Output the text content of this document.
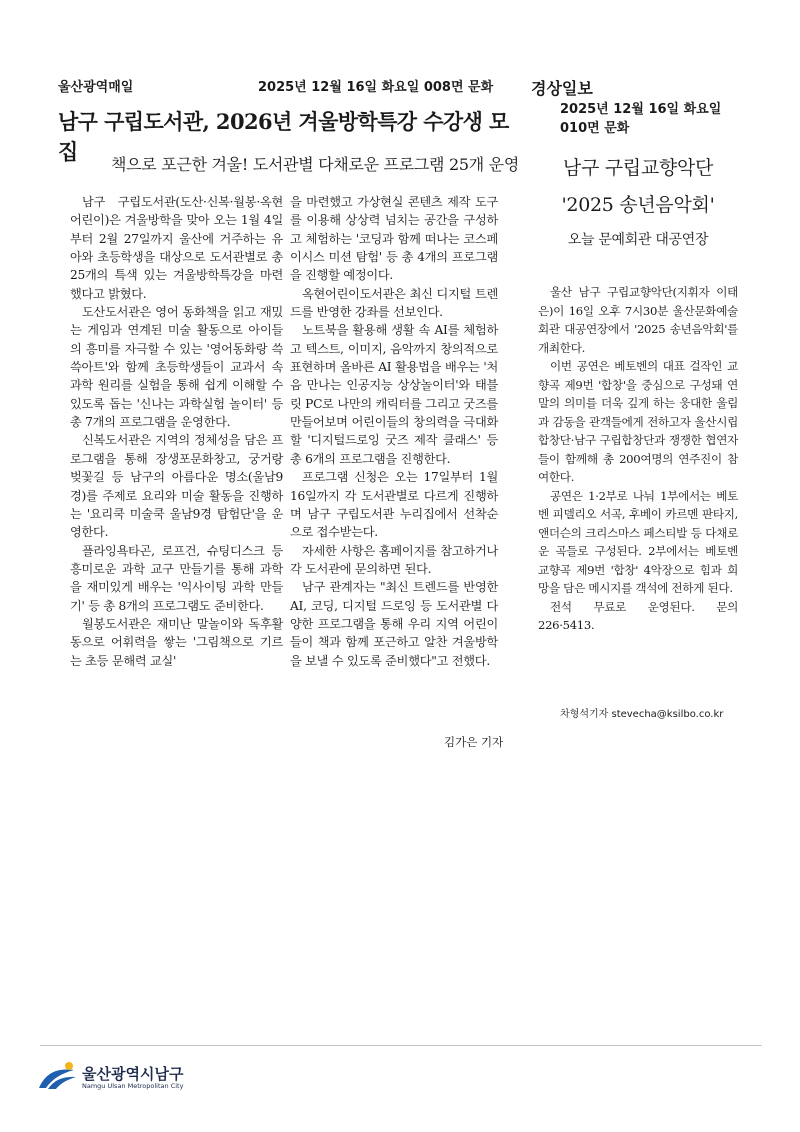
울산광역매일	2025년 12월 16일 화요일 008면 문화
남구 구립도서관, 2026년 겨울방학특강 수강생 모집
책으로 포근한 겨울! 도서관별 다채로운 프로그램 25개 운영

남구 구립도서관(도산·신복·월봉·옥현어린이)은 겨울방학을 맞아 오는 1월 4일부터 2월 27일까지 울산에 거주하는 유아와 초등학생을 대상으로 도서관별로 총 25개의 특색 있는 겨울방학특강을 마련했다고 밝혔다.

도산도서관은 영어 동화책을 읽고 재밌는 게임과 연계된 미술 활동으로 아이들의 흥미를 자극할 수 있는 '영어동화랑 쓱쓱아트'와 함께 초등학생들이 교과서 속 과학 원리를 실험을 통해 쉽게 이해할 수 있도록 돕는 '신나는 과학실험 놀이터' 등 총 7개의 프로그램을 운영한다.

신복도서관은 지역의 정체성을 담은 프로그램을 통해 장생포문화창고, 궁거랑 벚꽃길 등 남구의 아름다운 명소(울남9경)를 주제로 요리와 미술 활동을 진행하는 '요리쿡 미술쿡 울남9경 탐험단'을 운영한다.

플라잉욕타곤, 로프건, 슈팅디스크 등 흥미로운 과학 교구 만들기를 통해 과학을 재미있게 배우는 '익사이팅 과학 만들기' 등 총 8개의 프로그램도 준비한다.

월봉도서관은 재미난 말놀이와 독후활동으로 어휘력을 쌓는 '그림책으로 기르는 초등 문해력 교실'

을 마련했고 가상현실 콘텐츠 제작 도구를 이용해 상상력 넘치는 공간을 구성하고 체험하는 '코딩과 함께 떠나는 코스페이시스 미션 탐험' 등 총 4개의 프로그램을 진행할 예정이다.

옥현어린이도서관은 최신 디지털 트렌드를 반영한 강좌를 선보인다.

노트북을 활용해 생활 속 AI를 체험하고 텍스트, 이미지, 음악까지 창의적으로 표현하며 올바른 AI 활용법을 배우는 '처음 만나는 인공지능 상상놀이터'와 태블릿 PC로 나만의 캐릭터를 그리고 굿즈를 만들어보며 어린이들의 창의력을 극대화할 '디지털드로잉 굿즈 제작 클래스' 등 총 6개의 프로그램을 진행한다.

프로그램 신청은 오는 17일부터 1월 16일까지 각 도서관별로 다르게 진행하며 남구 구립도서관 누리집에서 선착순으로 접수받는다.

자세한 사항은 홈페이지를 참고하거나 각 도서관에 문의하면 된다.

남구 관계자는 "최신 트렌드를 반영한 AI, 코딩, 디지털 드로잉 등 도서관별 다양한 프로그램을 통해 우리 지역 어린이들이 책과 함께 포근하고 알찬 겨울방학을 보낼 수 있도록 준비했다"고 전했다.

김가은 기자
경상일보
2025년 12월 16일 화요일 010면 문화
남구 구립교향악단
'2025 송년음악회'
오늘 문예회관 대공연장

울산 남구 구립교향악단(지휘자 이태은)이 16일 오후 7시30분 울산문화예술회관 대공연장에서 '2025 송년음악회'를 개최한다.

이번 공연은 베토벤의 대표 걸작인 교향곡 제9번 '합창'을 중심으로 구성돼 연말의 의미를 더욱 깊게 하는 웅대한 울림과 감동을 관객들에게 전하고자 울산시립합창단·남구 구립합창단과 쟁쟁한 협연자들이 함께해 총 200여명의 연주진이 참여한다.

공연은 1·2부로 나눠 1부에서는 베토벤 피델리오 서곡, 후베이 카르멘 판타지, 앤더슨의 크리스마스 페스티발 등 다채로운 곡들로 구성된다. 2부에서는 베토벤 교향곡 제9번 '합창' 4악장으로 힘과 희망을 담은 메시지를 객석에 전하게 된다.

전석 무료로 운영된다. 문의 226·5413.

차형석기자 stevecha@ksilbo.co.kr
울산광역시남구
Namgu Ulsan Metropolitan City
